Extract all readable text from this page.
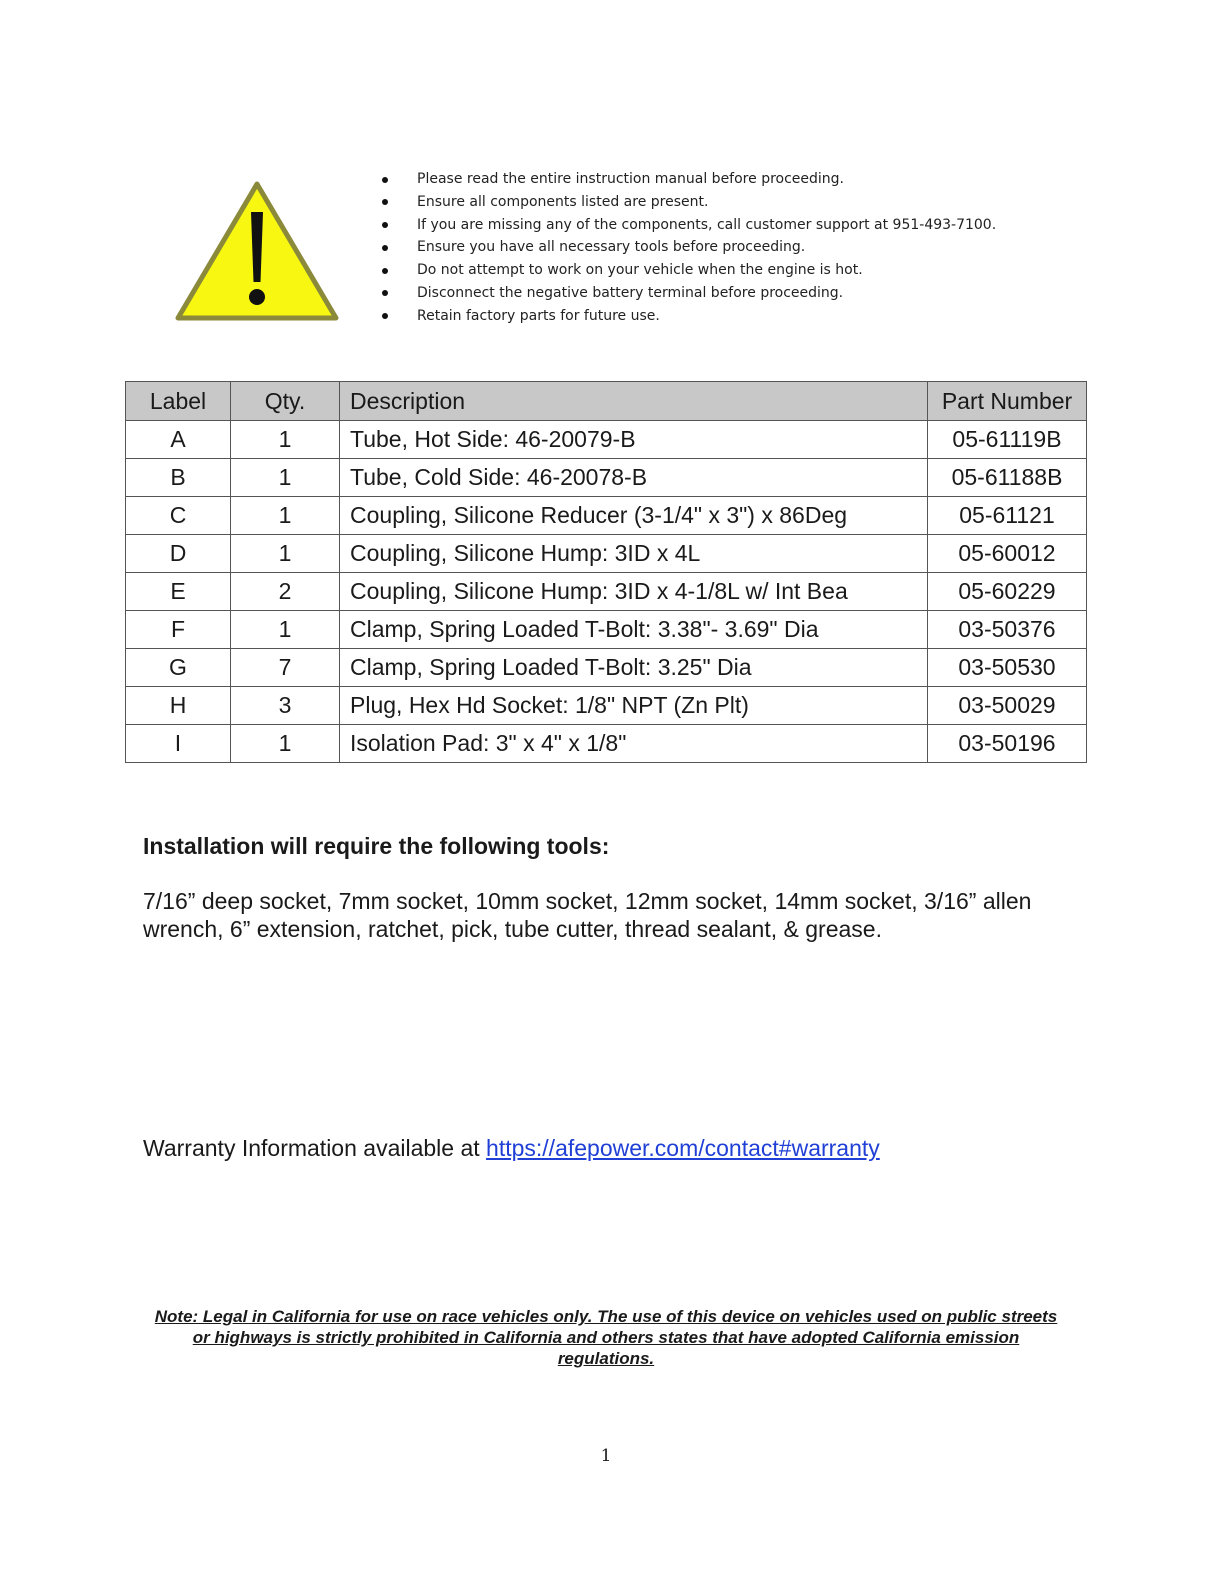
Please read the entire instruction manual before proceeding.
Ensure all components listed are present.
If you are missing any of the components, call customer support at 951-493-7100.
Ensure you have all necessary tools before proceeding.
Do not attempt to work on your vehicle when the engine is hot.
Disconnect the negative battery terminal before proceeding.
Retain factory parts for future use.
Label	Qty.	Description	Part Number
A	1	Tube, Hot Side: 46-20079-B	05-61119B
B	1	Tube, Cold Side: 46-20078-B	05-61188B
C	1	Coupling, Silicone Reducer (3-1/4" x 3") x 86Deg	05-61121
D	1	Coupling, Silicone Hump: 3ID x 4L	05-60012
E	2	Coupling, Silicone Hump: 3ID x 4-1/8L w/ Int Bea	05-60229
F	1	Clamp, Spring Loaded T-Bolt: 3.38"- 3.69" Dia	03-50376
G	7	Clamp, Spring Loaded T-Bolt: 3.25" Dia	03-50530
H	3	Plug, Hex Hd Socket: 1/8" NPT (Zn Plt)	03-50029
I	1	Isolation Pad: 3" x 4" x 1/8"	03-50196
Installation will require the following tools:

7/16” deep socket, 7mm socket, 10mm socket, 12mm socket, 14mm socket, 3/16” allen wrench, 6” extension, ratchet, pick, tube cutter, thread sealant, & grease.

Warranty Information available at https://afepower.com/contact#warranty

Note: Legal in California for use on race vehicles only. The use of this device on vehicles used on public streets or highways is strictly prohibited in California and others states that have adopted California emission regulations.

1
